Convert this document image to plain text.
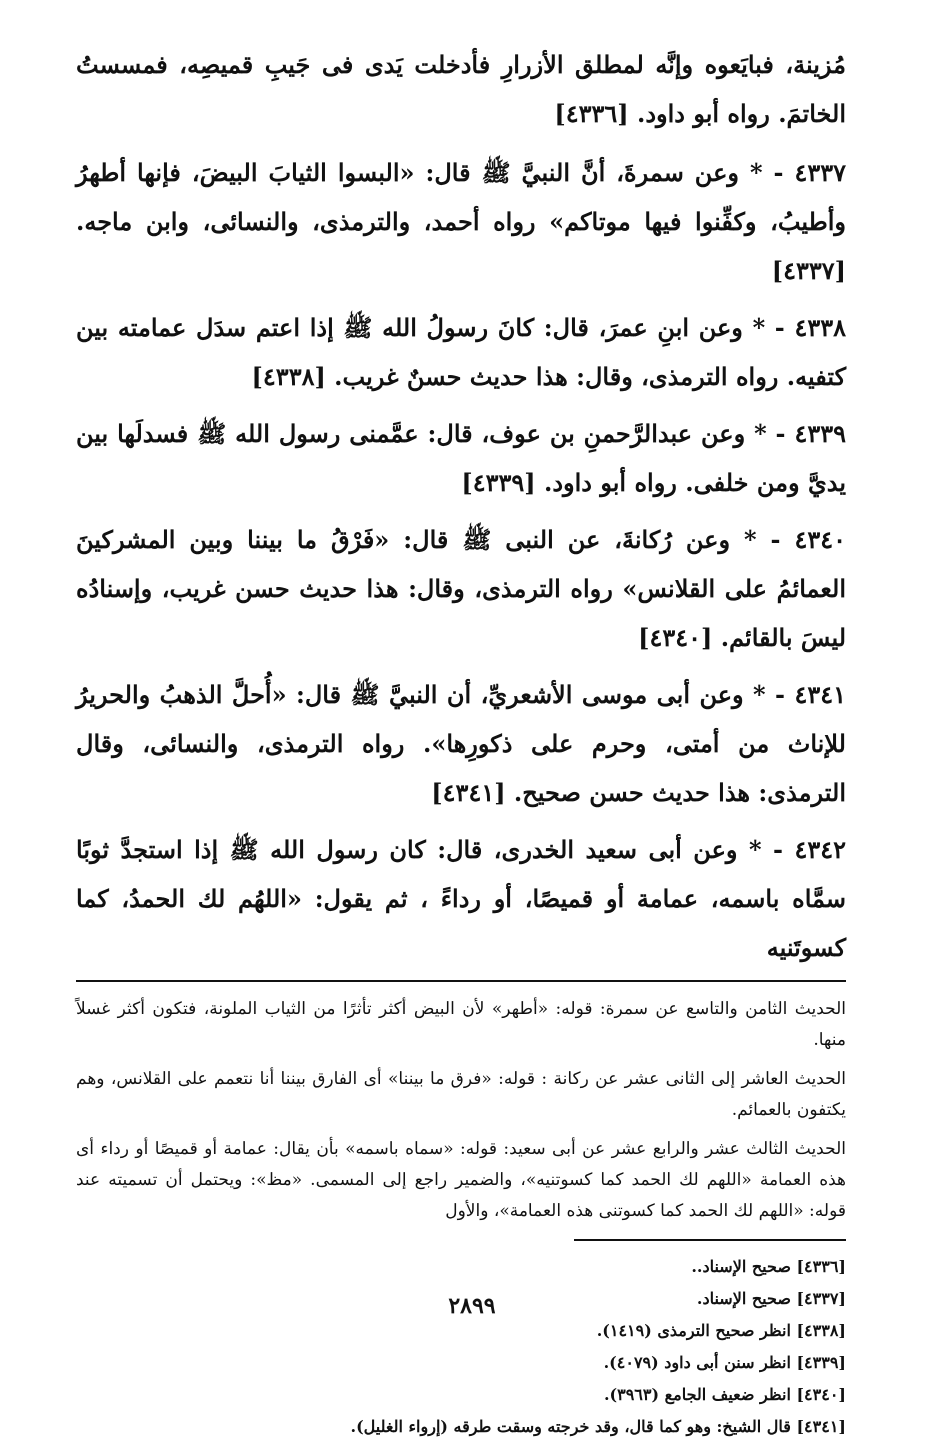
مُزينة، فبايَعوه وإنَّه لمطلق الأزرارِ فأدخلت يَدى فى جَيبِ قميصِه، فمسستُ الخاتمَ. رواه أبو داود. [٤٣٣٦]

٤٣٣٧ - * وعن سمرةَ، أنَّ النبيَّ ﷺ قال: «البسوا الثيابَ البيضَ، فإنها أطهرُ وأطيبُ، وكفِّنوا فيها موتاكم» رواه أحمد، والترمذى، والنسائى، وابن ماجه. [٤٣٣٧]

٤٣٣٨ - * وعن ابنِ عمرَ، قال: كانَ رسولُ الله ﷺ إذا اعتم سدَل عمامته بين كتفيه. رواه الترمذى، وقال: هذا حديث حسنٌ غريب. [٤٣٣٨]

٤٣٣٩ - * وعن عبدالرَّحمنِ بن عوف، قال: عمَّمنى رسول الله ﷺ فسدلَها بين يديَّ ومن خلفى. رواه أبو داود. [٤٣٣٩]

٤٣٤٠ - * وعن رُكانةَ، عن النبى ﷺ قال: «فَرْقُ ما بيننا وبين المشركينَ العمائمُ على القلانس» رواه الترمذى، وقال: هذا حديث حسن غريب، وإسنادُه ليسَ بالقائم. [٤٣٤٠]

٤٣٤١ - * وعن أبى موسى الأشعريِّ، أن النبيَّ ﷺ قال: «أُحلَّ الذهبُ والحريرُ للإناث من أمتى، وحرم على ذكورِها». رواه الترمذى، والنسائى، وقال الترمذى: هذا حديث حسن صحيح. [٤٣٤١]

٤٣٤٢ - * وعن أبى سعيد الخدرى، قال: كان رسول الله ﷺ إذا استجدَّ ثوبًا سمَّاه باسمه، عمامة أو قميصًا، أو رداءً ، ثم يقول: «اللهُم لك الحمدُ، كما كسوتَنيه

الحديث الثامن والتاسع عن سمرة: قوله: «أطهر» لأن البيض أكثر تأثرًا من الثياب الملونة، فتكون أكثر غسلاً منها.

الحديث العاشر إلى الثانى عشر عن ركانة : قوله: «فرق ما بيننا» أى الفارق بيننا أنا نتعمم على القلانس، وهم يكتفون بالعمائم.

الحديث الثالث عشر والرابع عشر عن أبى سعيد: قوله: «سماه باسمه» بأن يقال: عمامة أو قميصًا أو رداء أى هذه العمامة «اللهم لك الحمد كما كسوتنيه»، والضمير راجع إلى المسمى. «مظ»: ويحتمل أن تسميته عند قوله: «اللهم لك الحمد كما كسوتنى هذه العمامة»، والأول

[٤٣٣٦] صحيح الإسناد..

[٤٣٣٧] صحيح الإسناد.

[٤٣٣٨] انظر صحيح الترمذى (١٤١٩).

[٤٣٣٩] انظر سنن أبى داود (٤٠٧٩).

[٤٣٤٠] انظر ضعيف الجامع (٣٩٦٣).

[٤٣٤١] قال الشيخ: وهو كما قال، وقد خرجته وسقت طرقه (إرواء الغليل).

٢٨٩٩
